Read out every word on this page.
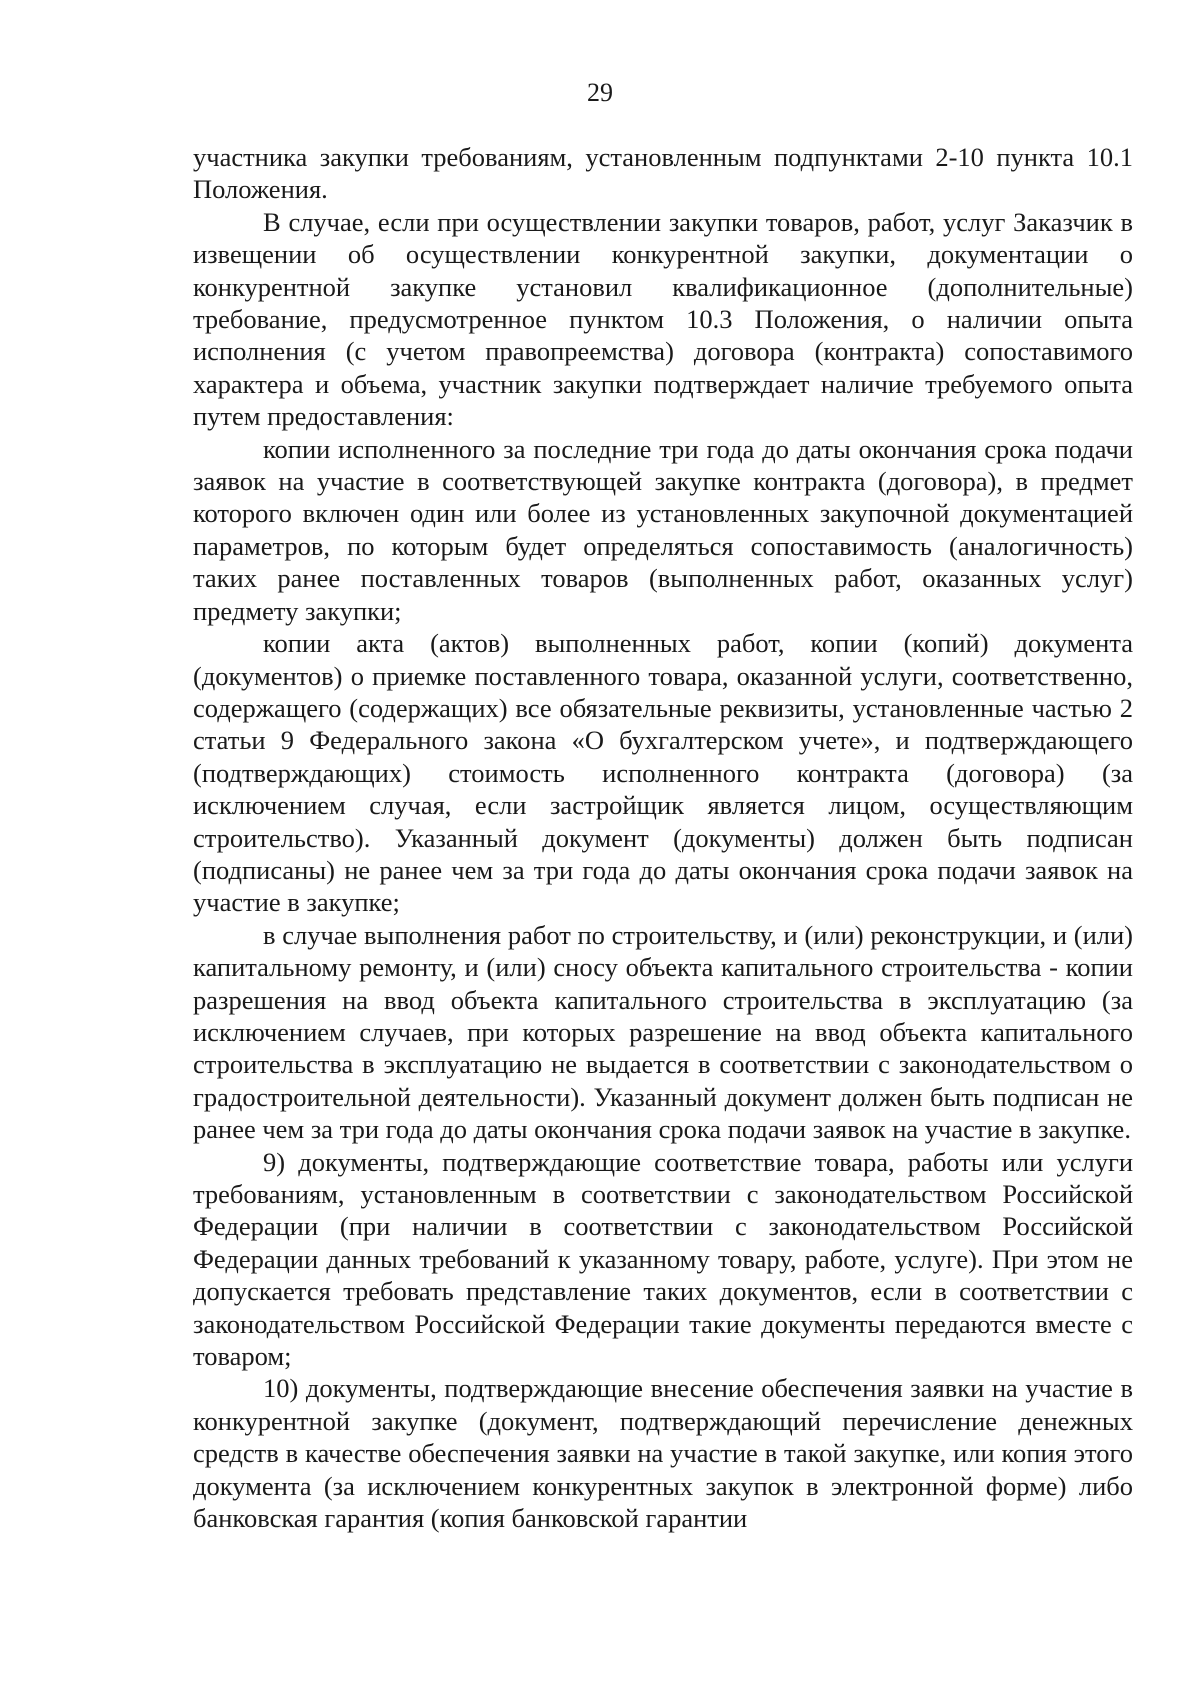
29

участника закупки требованиям, установленным подпунктами 2-10 пункта 10.1 Положения.

В случае, если при осуществлении закупки товаров, работ, услуг Заказчик в извещении об осуществлении конкурентной закупки, документации о конкурентной закупке установил квалификационное (дополнительные) требование, предусмотренное пунктом 10.3 Положения, о наличии опыта исполнения (с учетом правопреемства) договора (контракта) сопоставимого характера и объема, участник закупки подтверждает наличие требуемого опыта путем предоставления:

копии исполненного за последние три года до даты окончания срока подачи заявок на участие в соответствующей закупке контракта (договора), в предмет которого включен один или более из установленных закупочной документацией параметров, по которым будет определяться сопоставимость (аналогичность) таких ранее поставленных товаров (выполненных работ, оказанных услуг) предмету закупки;

копии акта (актов) выполненных работ, копии (копий) документа (документов) о приемке поставленного товара, оказанной услуги, соответственно, содержащего (содержащих) все обязательные реквизиты, установленные частью 2 статьи 9 Федерального закона «О бухгалтерском учете», и подтверждающего (подтверждающих) стоимость исполненного контракта (договора) (за исключением случая, если застройщик является лицом, осуществляющим строительство). Указанный документ (документы) должен быть подписан (подписаны) не ранее чем за три года до даты окончания срока подачи заявок на участие в закупке;

в случае выполнения работ по строительству, и (или) реконструкции, и (или) капитальному ремонту, и (или) сносу объекта капитального строительства - копии разрешения на ввод объекта капитального строительства в эксплуатацию (за исключением случаев, при которых разрешение на ввод объекта капитального строительства в эксплуатацию не выдается в соответствии с законодательством о градостроительной деятельности). Указанный документ должен быть подписан не ранее чем за три года до даты окончания срока подачи заявок на участие в закупке.

9) документы, подтверждающие соответствие товара, работы или услуги требованиям, установленным в соответствии с законодательством Российской Федерации (при наличии в соответствии с законодательством Российской Федерации данных требований к указанному товару, работе, услуге). При этом не допускается требовать представление таких документов, если в соответствии с законодательством Российской Федерации такие документы передаются вместе с товаром;

10) документы, подтверждающие внесение обеспечения заявки на участие в конкурентной закупке (документ, подтверждающий перечисление денежных средств в качестве обеспечения заявки на участие в такой закупке, или копия этого документа (за исключением конкурентных закупок в электронной форме) либо банковская гарантия (копия банковской гарантии
